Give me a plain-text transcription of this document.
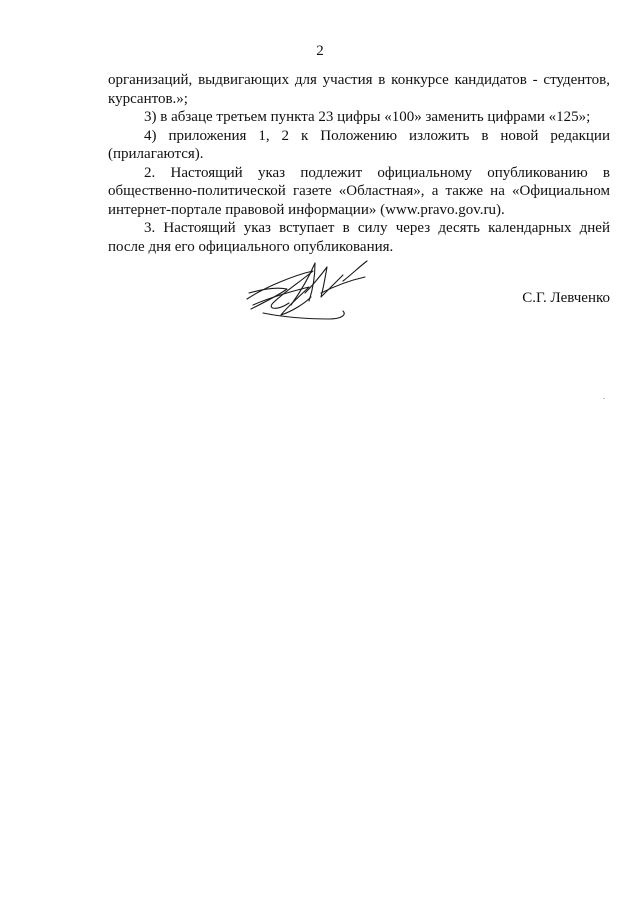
2

организаций, выдвигающих для участия в конкурсе кандидатов - студентов, курсантов.»;

3) в абзаце третьем пункта 23 цифры «100» заменить цифрами «125»;

4) приложения 1, 2 к Положению изложить в новой редакции (прилагаются).

2. Настоящий указ подлежит официальному опубликованию в общественно-политической газете «Областная», а также на «Официальном интернет-портале правовой информации» (www.pravo.gov.ru).

3. Настоящий указ вступает в силу через десять календарных дней после дня его официального опубликования.

С.Г. Левченко
